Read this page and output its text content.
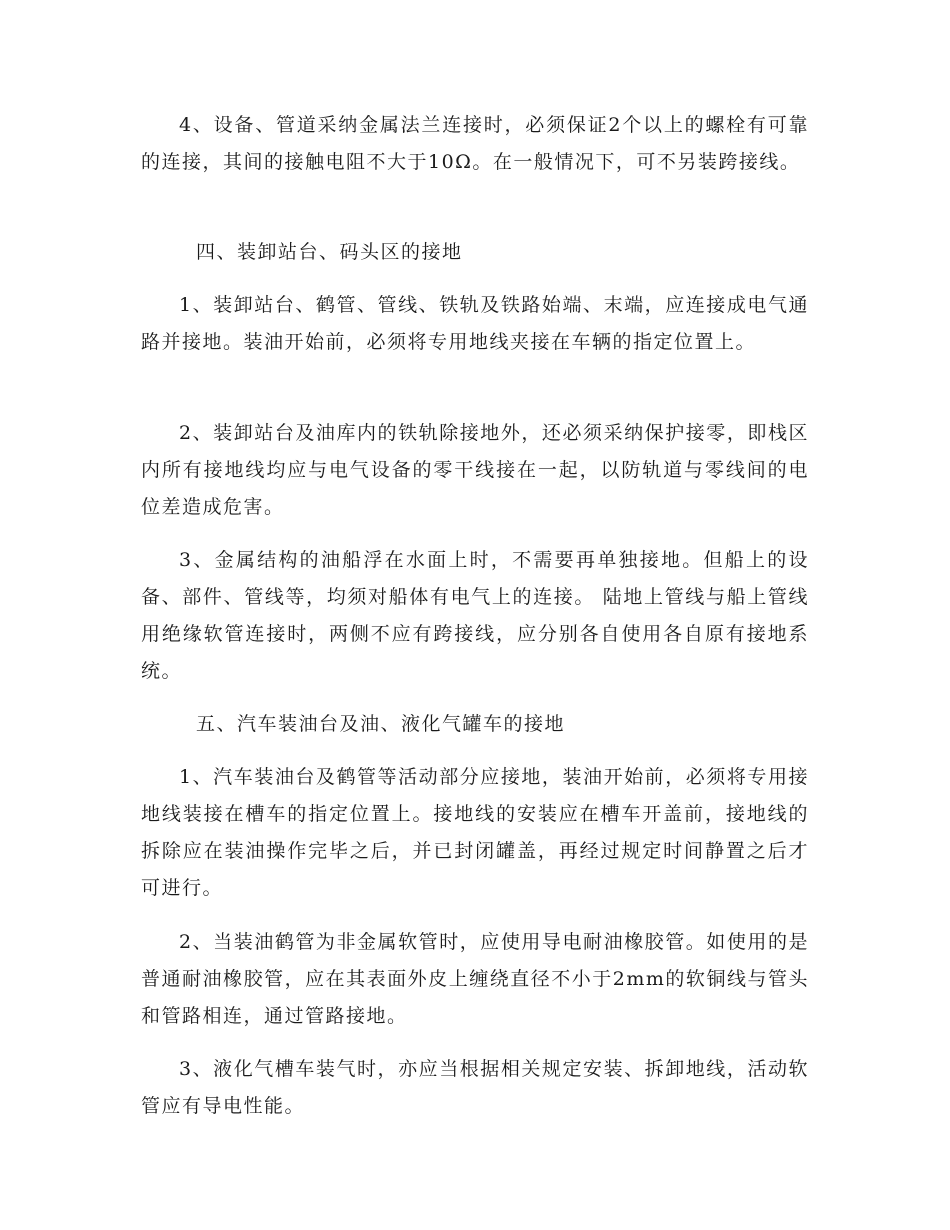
4、设备、管道采纳金属法兰连接时，必须保证2个以上的螺栓有可靠的连接，其间的接触电阻不大于10Ω。在一般情况下，可不另装跨接线。

四、装卸站台、码头区的接地

1、装卸站台、鹤管、管线、铁轨及铁路始端、末端，应连接成电气通路并接地。装油开始前，必须将专用地线夹接在车辆的指定位置上。

2、装卸站台及油库内的铁轨除接地外，还必须采纳保护接零，即栈区内所有接地线均应与电气设备的零干线接在一起，以防轨道与零线间的电位差造成危害。

3、金属结构的油船浮在水面上时，不需要再单独接地。但船上的设备、部件、管线等，均须对船体有电气上的连接。 陆地上管线与船上管线用绝缘软管连接时，两侧不应有跨接线，应分别各自使用各自原有接地系统。

五、汽车装油台及油、液化气罐车的接地

1、汽车装油台及鹤管等活动部分应接地，装油开始前，必须将专用接地线装接在槽车的指定位置上。接地线的安装应在槽车开盖前，接地线的拆除应在装油操作完毕之后，并已封闭罐盖，再经过规定时间静置之后才可进行。

2、当装油鹤管为非金属软管时，应使用导电耐油橡胶管。如使用的是普通耐油橡胶管，应在其表面外皮上缠绕直径不小于2mm的软铜线与管头和管路相连，通过管路接地。

3、液化气槽车装气时，亦应当根据相关规定安装、拆卸地线，活动软管应有导电性能。
